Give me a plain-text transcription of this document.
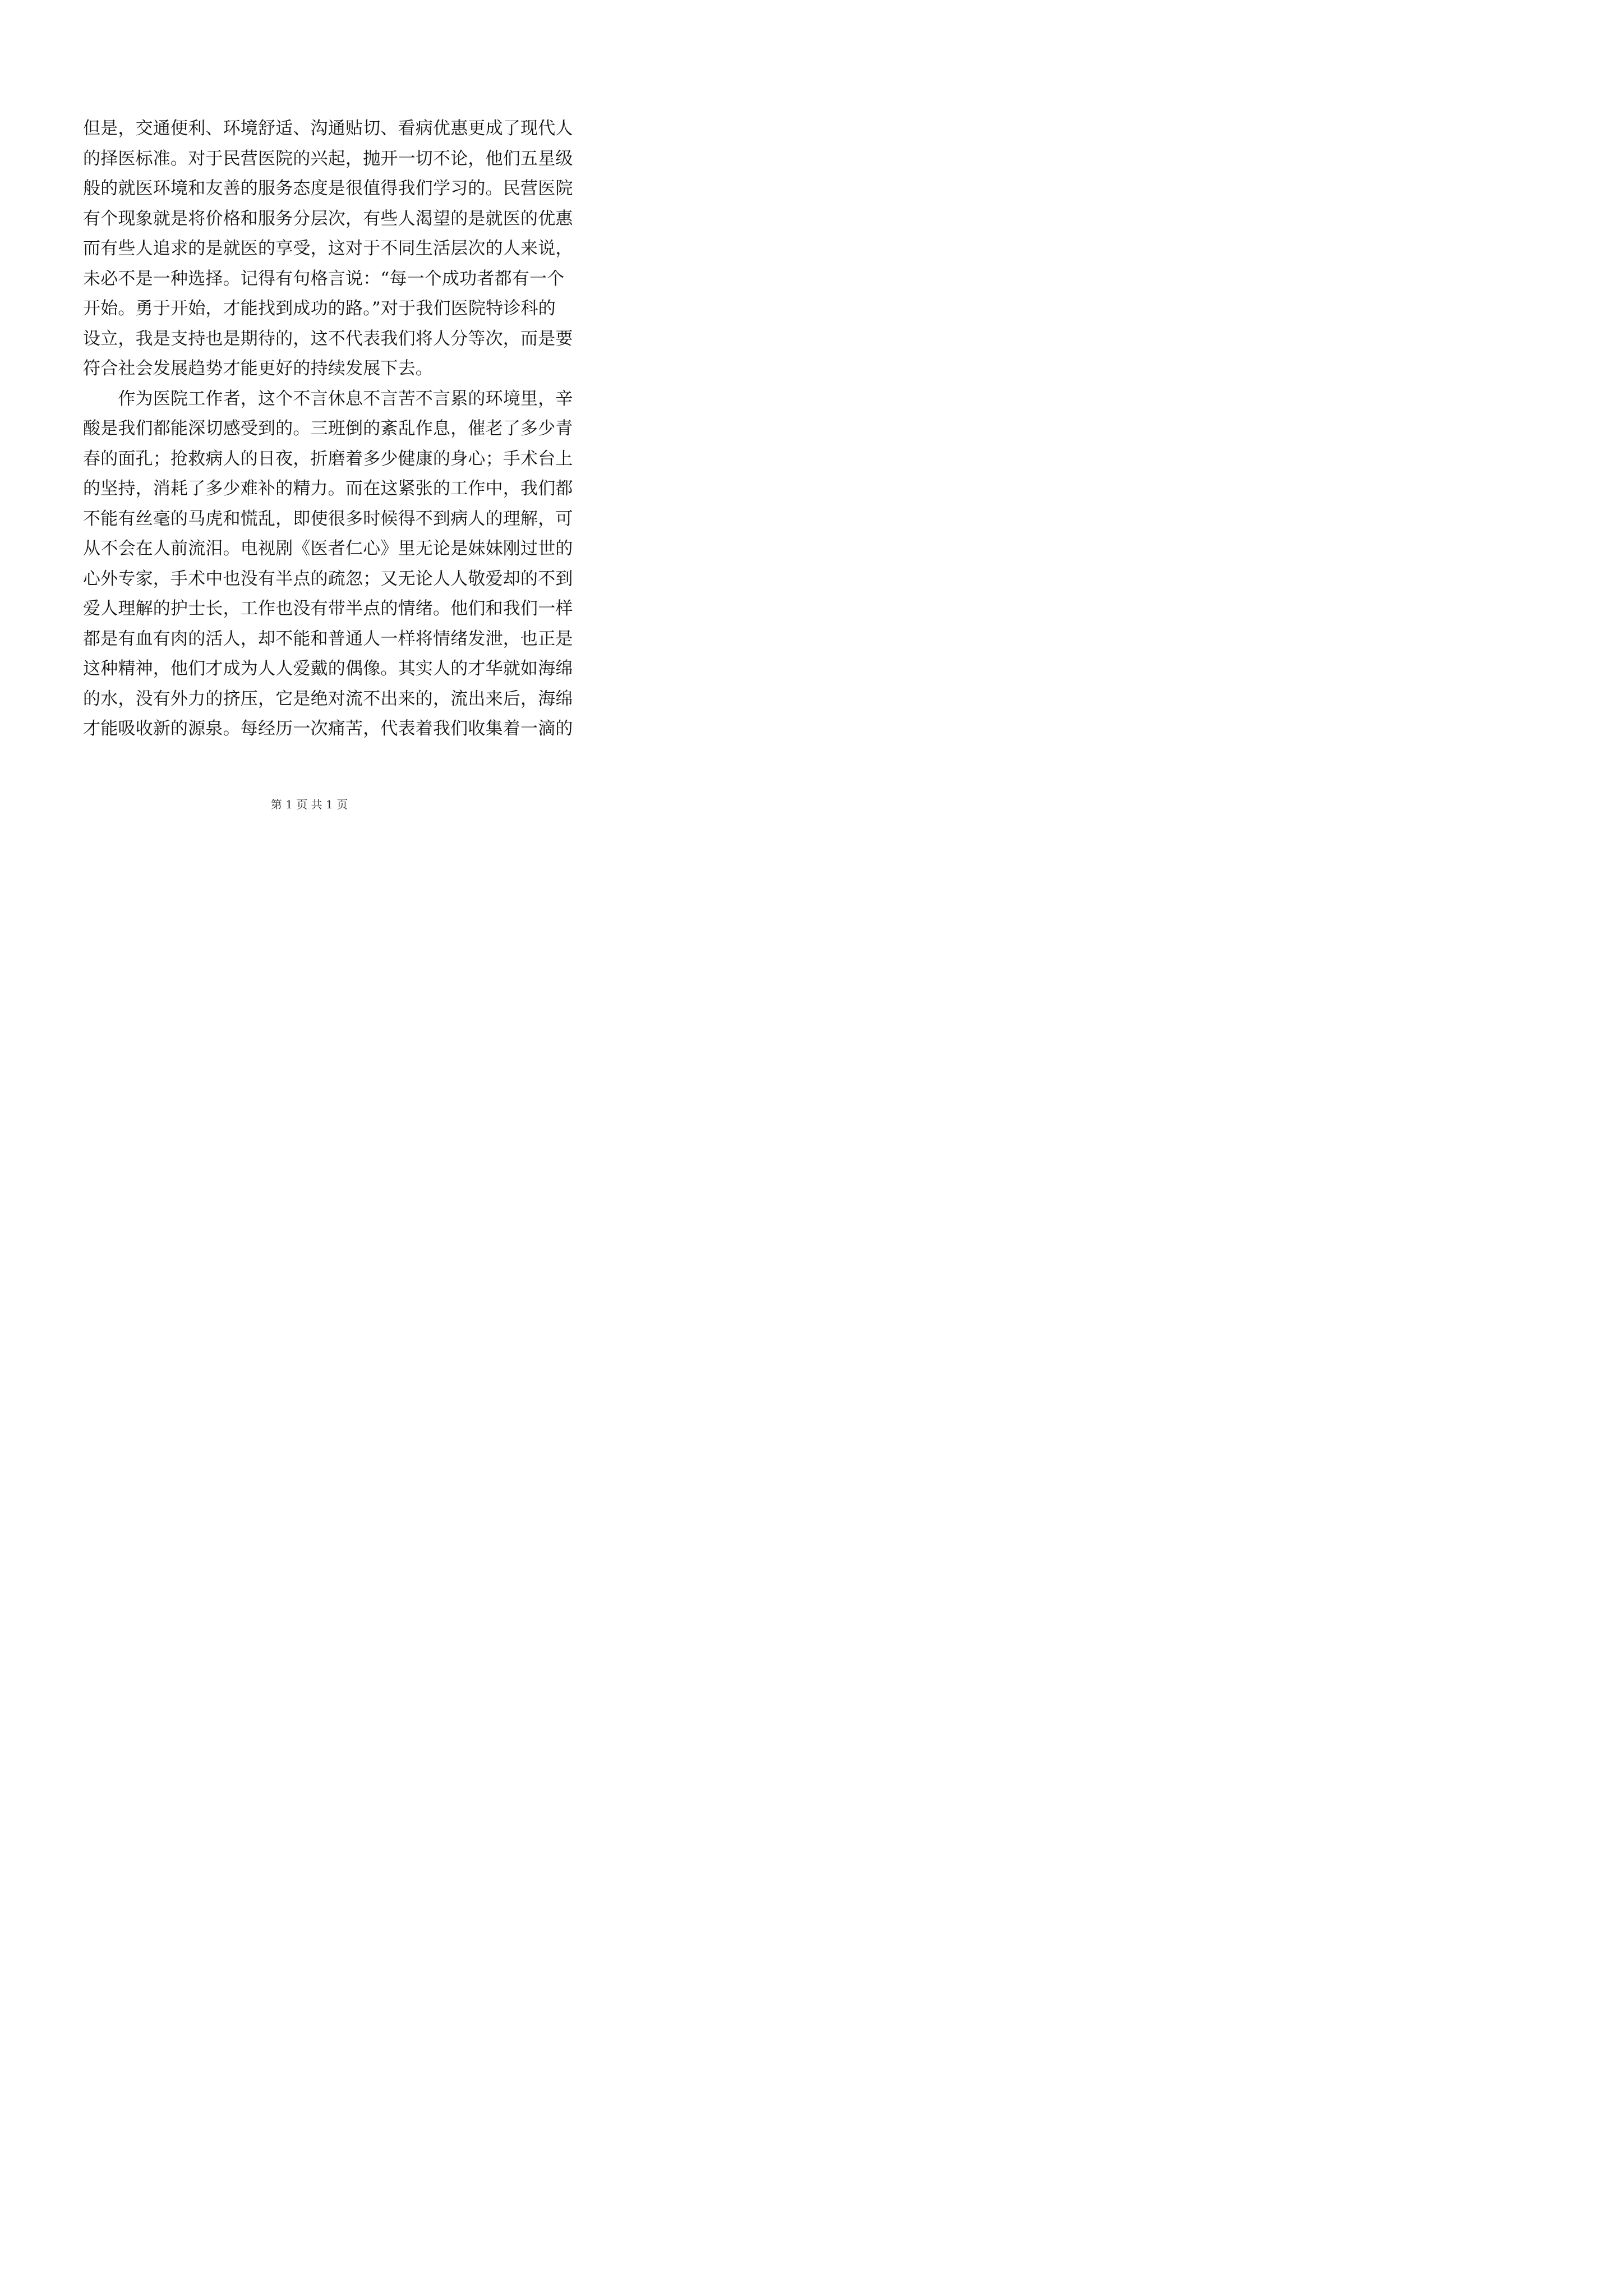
但是，交通便利、环境舒适、沟通贴切、看病优惠更成了现代人
的择医标准。对于民营医院的兴起，抛开一切不论，他们五星级
般的就医环境和友善的服务态度是很值得我们学习的。民营医院
有个现象就是将价格和服务分层次，有些人渴望的是就医的优惠
而有些人追求的是就医的享受，这对于不同生活层次的人来说，
未必不是一种选择。记得有句格言说：“每一个成功者都有一个
开始。勇于开始，才能找到成功的路。”对于我们医院特诊科的
设立，我是支持也是期待的，这不代表我们将人分等次，而是要
符合社会发展趋势才能更好的持续发展下去。
　　作为医院工作者，这个不言休息不言苦不言累的环境里，辛
酸是我们都能深切感受到的。三班倒的紊乱作息，催老了多少青
春的面孔；抢救病人的日夜，折磨着多少健康的身心；手术台上
的坚持，消耗了多少难补的精力。而在这紧张的工作中，我们都
不能有丝毫的马虎和慌乱，即使很多时候得不到病人的理解，可
从不会在人前流泪。电视剧《医者仁心》里无论是妹妹刚过世的
心外专家，手术中也没有半点的疏忽；又无论人人敬爱却的不到
爱人理解的护士长，工作也没有带半点的情绪。他们和我们一样
都是有血有肉的活人，却不能和普通人一样将情绪发泄，也正是
这种精神，他们才成为人人爱戴的偶像。其实人的才华就如海绵
的水，没有外力的挤压，它是绝对流不出来的，流出来后，海绵
才能吸收新的源泉。每经历一次痛苦，代表着我们收集着一滴的
第 1 页 共 1 页
